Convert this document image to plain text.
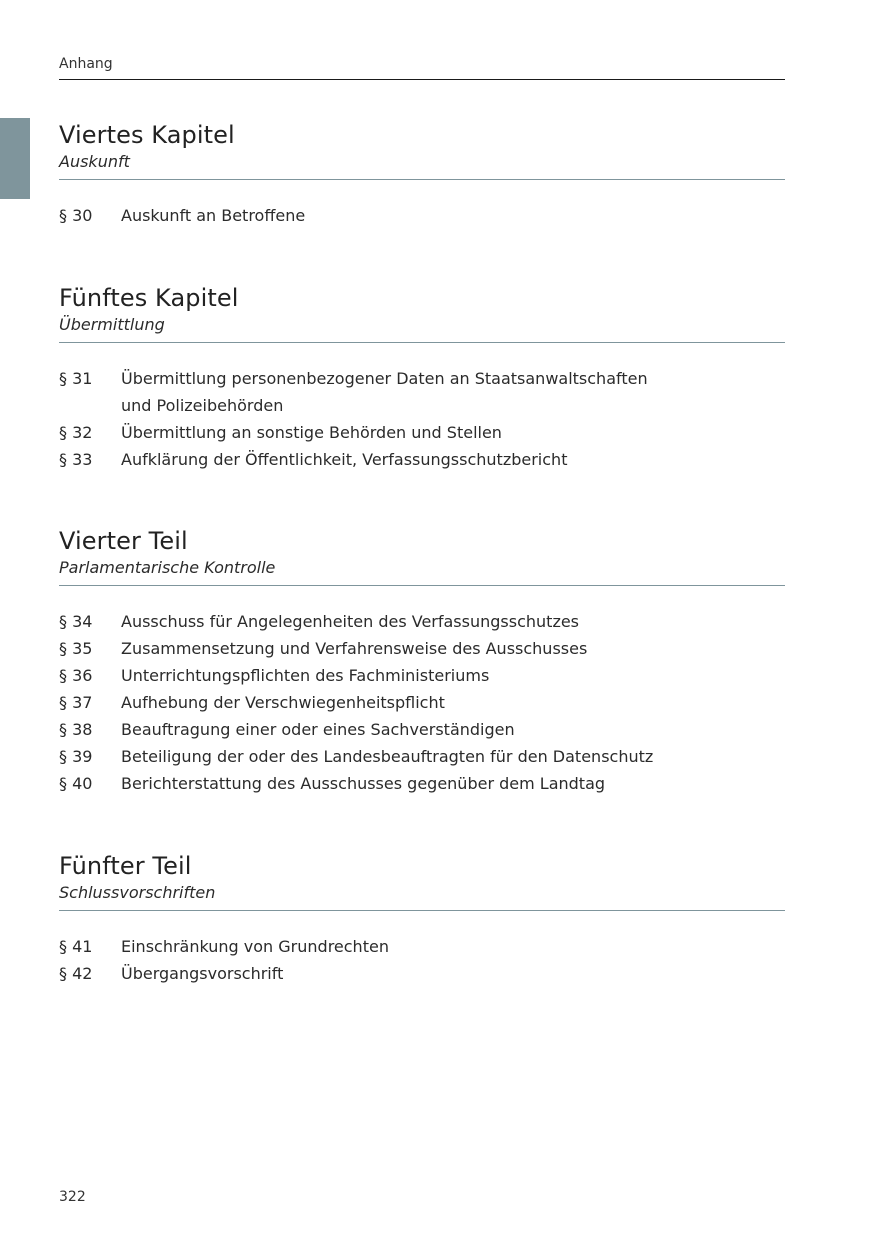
Anhang
Viertes Kapitel
Auskunft
§ 30	Auskunft an Betroffene
Fünftes Kapitel
Übermittlung
§ 31	Übermittlung personenbezogener Daten an Staatsanwaltschaften und Polizeibehörden
§ 32	Übermittlung an sonstige Behörden und Stellen
§ 33	Aufklärung der Öffentlichkeit, Verfassungsschutzbericht
Vierter Teil
Parlamentarische Kontrolle
§ 34	Ausschuss für Angelegenheiten des Verfassungsschutzes
§ 35	Zusammensetzung und Verfahrensweise des Ausschusses
§ 36	Unterrichtungspflichten des Fachministeriums
§ 37	Aufhebung der Verschwiegenheitspflicht
§ 38	Beauftragung einer oder eines Sachverständigen
§ 39	Beteiligung der oder des Landesbeauftragten für den Datenschutz
§ 40	Berichterstattung des Ausschusses gegenüber dem Landtag
Fünfter Teil
Schlussvorschriften
§ 41	Einschränkung von Grundrechten
§ 42	Übergangsvorschrift
322
